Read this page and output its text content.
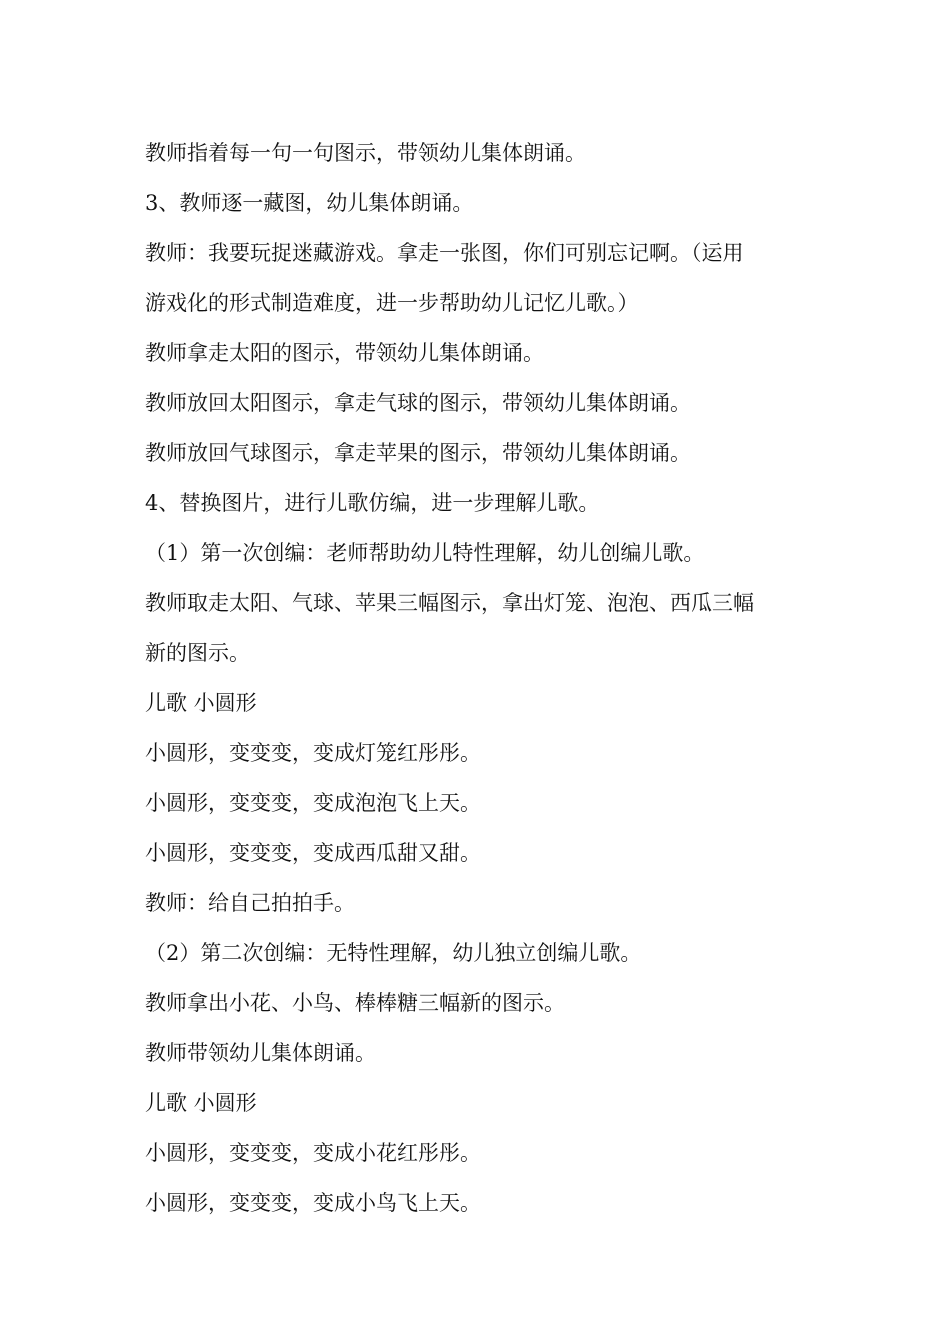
教师指着每一句一句图示，带领幼儿集体朗诵。

3、教师逐一藏图，幼儿集体朗诵。

教师：我要玩捉迷藏游戏。拿走一张图，你们可别忘记啊。（运用

游戏化的形式制造难度，进一步帮助幼儿记忆儿歌。）

教师拿走太阳的图示，带领幼儿集体朗诵。

教师放回太阳图示，拿走气球的图示，带领幼儿集体朗诵。

教师放回气球图示，拿走苹果的图示，带领幼儿集体朗诵。

4、替换图片，进行儿歌仿编，进一步理解儿歌。

（1）第一次创编：老师帮助幼儿特性理解，幼儿创编儿歌。

教师取走太阳、气球、苹果三幅图示，拿出灯笼、泡泡、西瓜三幅

新的图示。

儿歌 小圆形

小圆形，变变变，变成灯笼红彤彤。

小圆形，变变变，变成泡泡飞上天。

小圆形，变变变，变成西瓜甜又甜。

教师：给自己拍拍手。

（2）第二次创编：无特性理解，幼儿独立创编儿歌。

教师拿出小花、小鸟、棒棒糖三幅新的图示。

教师带领幼儿集体朗诵。

儿歌 小圆形

小圆形，变变变，变成小花红彤彤。

小圆形，变变变，变成小鸟飞上天。
